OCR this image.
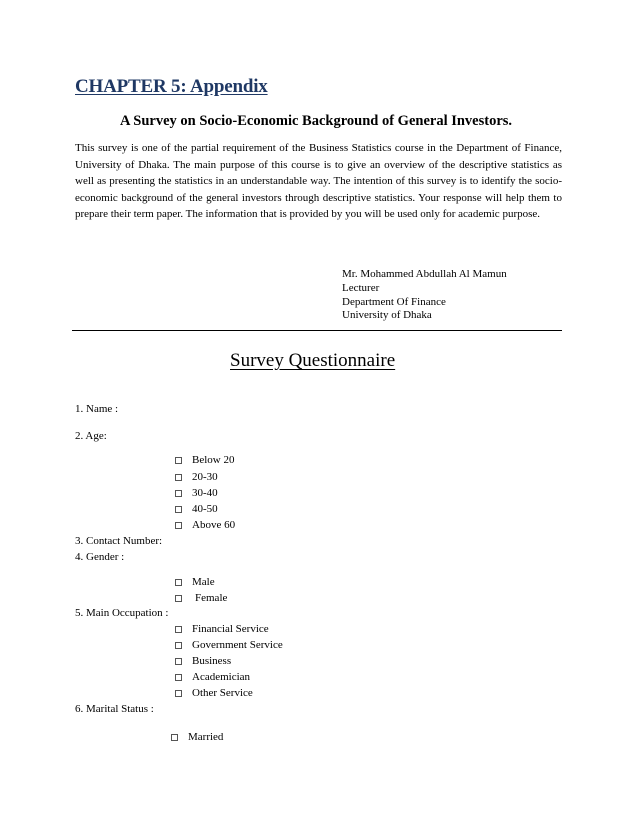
CHAPTER 5: Appendix
A Survey on Socio-Economic Background of General Investors.

This survey is one of the partial requirement of the Business Statistics course in the Department of Finance, University of Dhaka. The main purpose of this course is to give an overview of the descriptive statistics as well as presenting the statistics in an understandable way. The intention of this survey is to identify the socio-economic background of the general investors through descriptive statistics. Your response will help them to prepare their term paper. The information that is provided by you will be used only for academic purpose.

Mr. Mohammed Abdullah Al Mamun
Lecturer
Department Of Finance
University of Dhaka
Survey Questionnaire
1. Name :
2. Age:
Below 20
20-30
30-40
40-50
Above 60
3. Contact Number:
4. Gender :
Male
Female
5. Main Occupation :
Financial Service
Government Service
Business
Academician
Other Service
6. Marital Status :
Married
